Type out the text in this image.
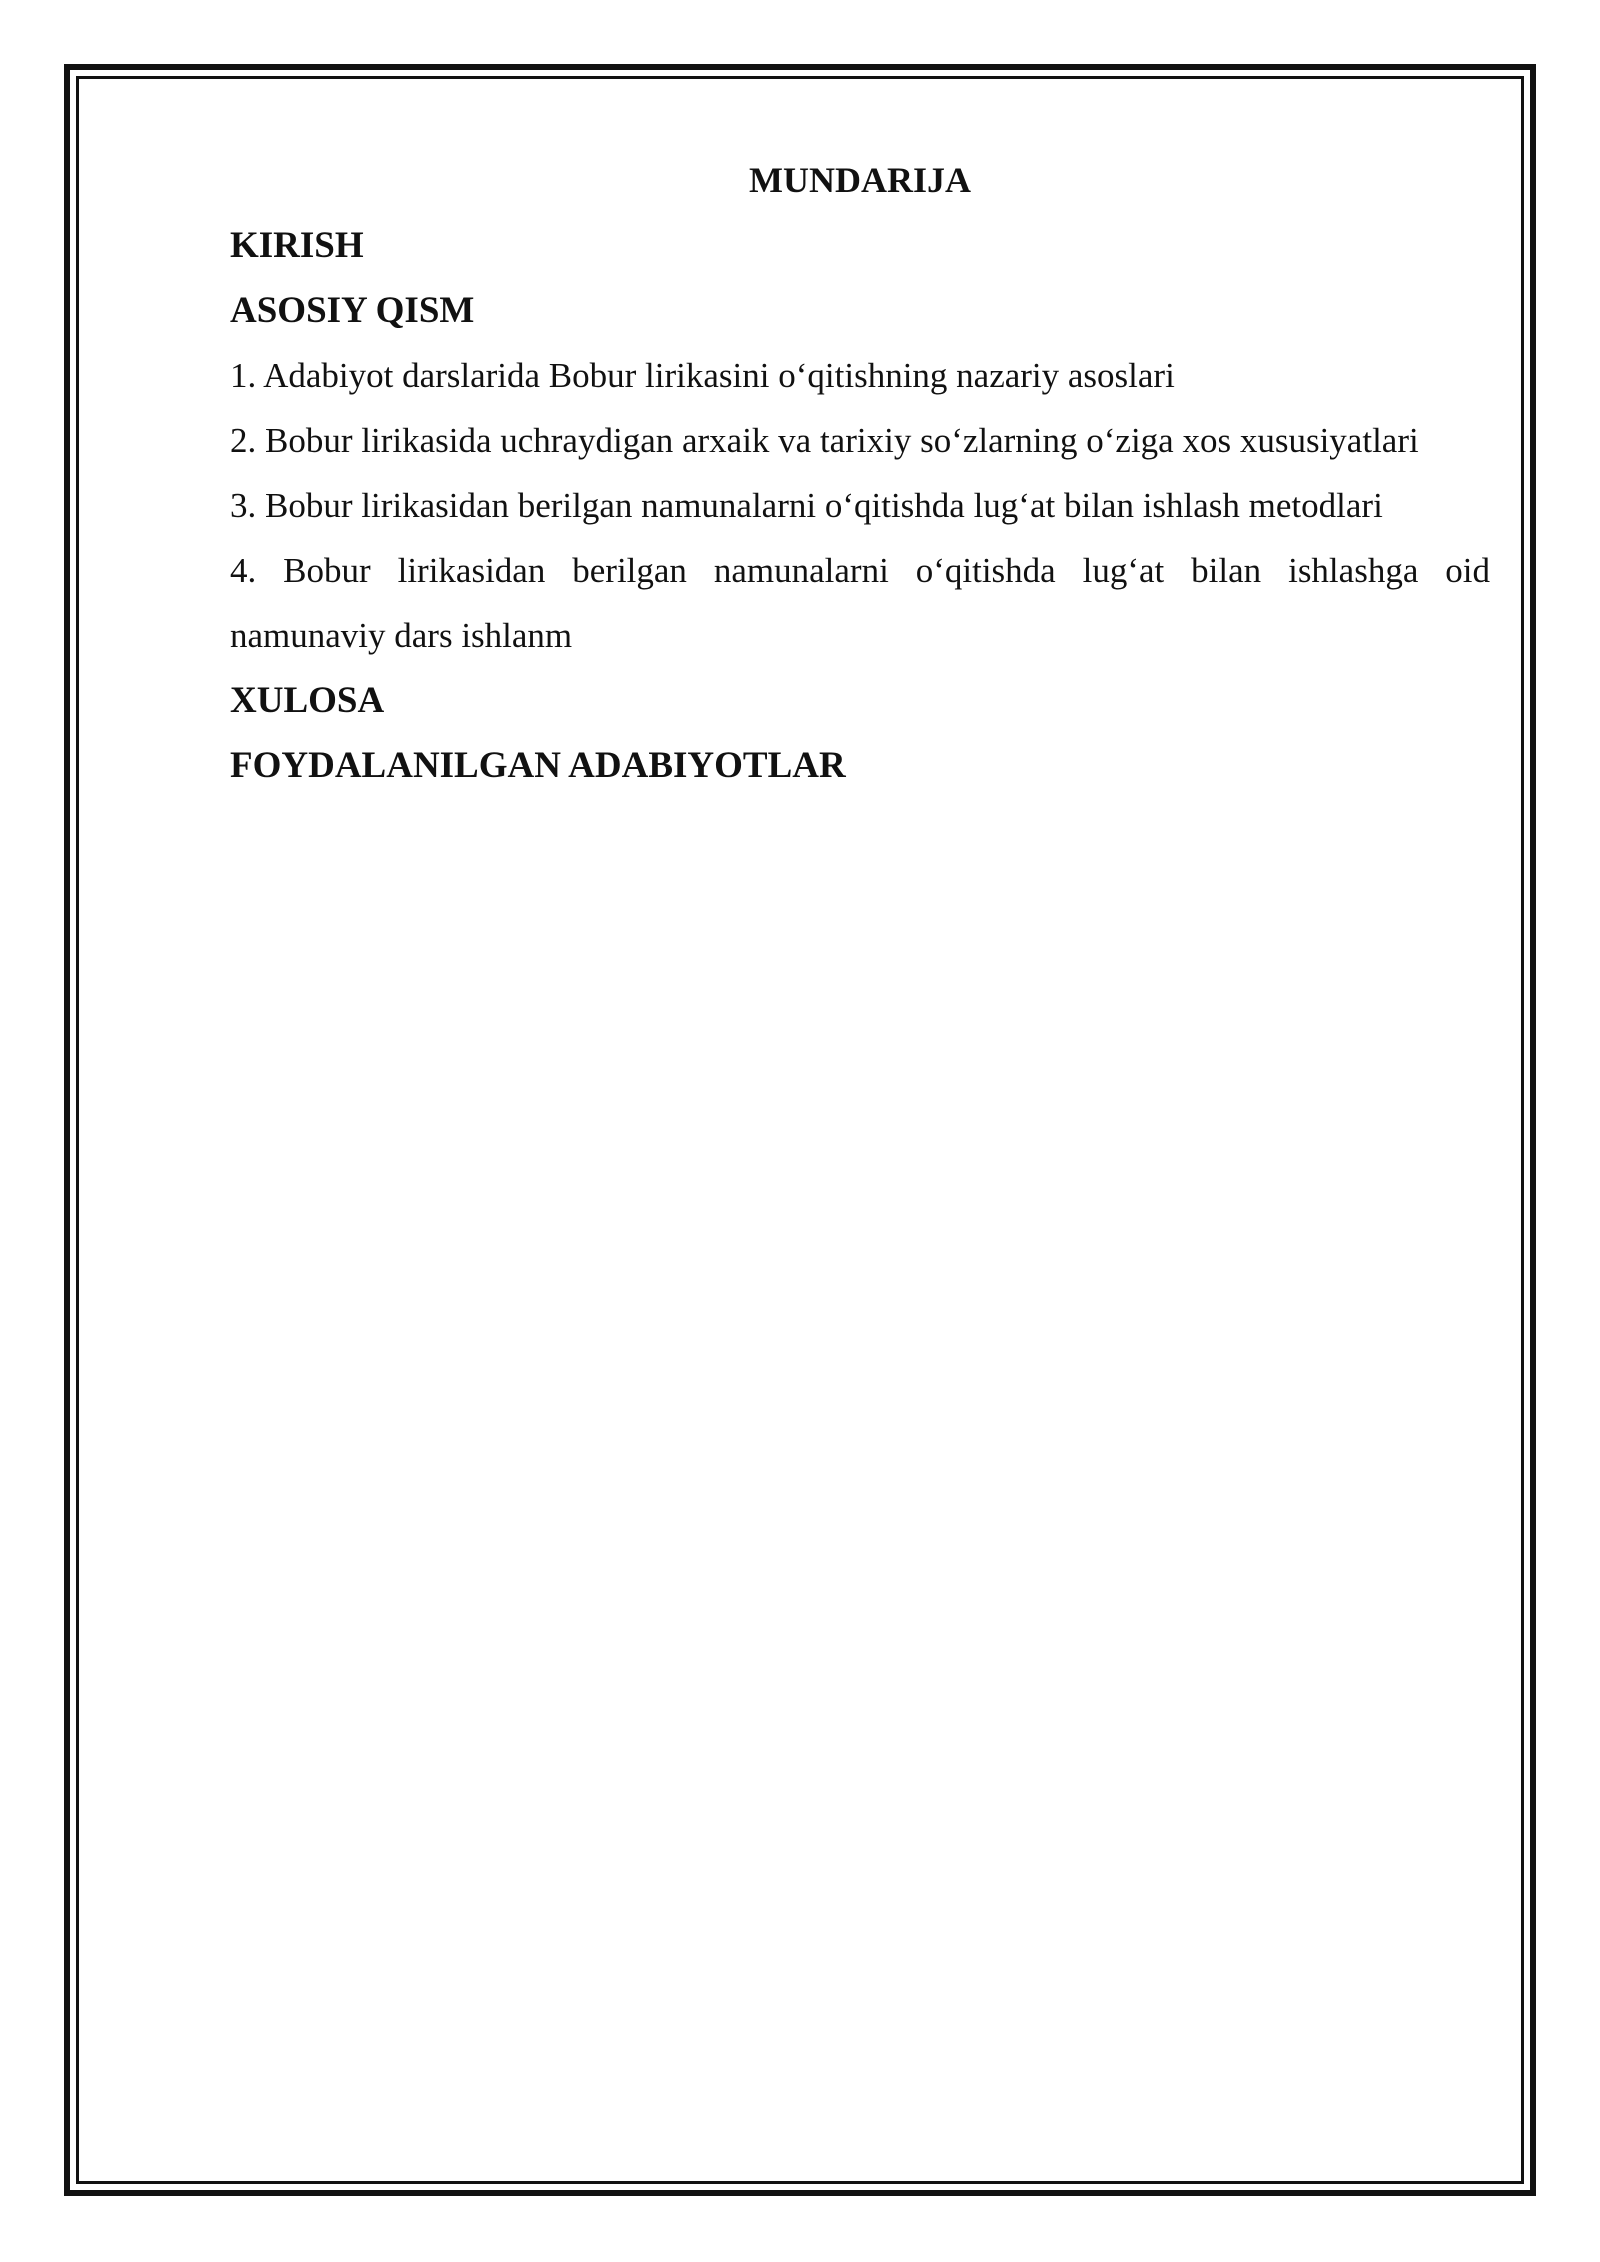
MUNDARIJA
KIRISH
ASOSIY QISM
1. Adabiyot darslarida Bobur lirikasini o‘qitishning nazariy asoslari
2. Bobur lirikasida uchraydigan arxaik va tarixiy so‘zlarning o‘ziga xos xususiyatlari
3. Bobur lirikasidan berilgan namunalarni o‘qitishda lug‘at bilan ishlash metodlari
4. Bobur lirikasidan berilgan namunalarni o‘qitishda lug‘at bilan ishlashga oid namunaviy dars ishlanm
XULOSA
FOYDALANILGAN ADABIYOTLAR
